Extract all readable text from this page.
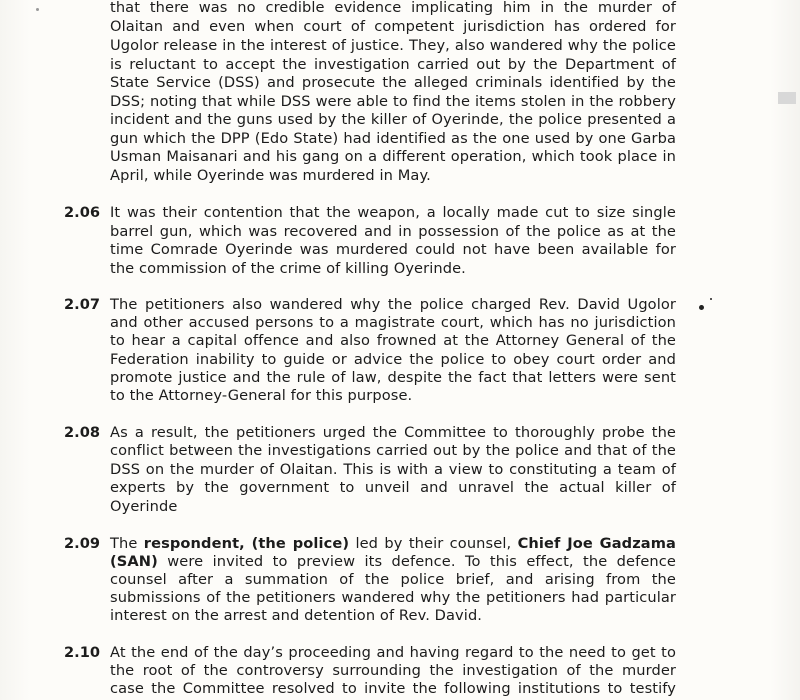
that there was no credible evidence implicating him in the murder of
Olaitan and even when court of competent jurisdiction has ordered for
Ugolor release in the interest of justice. They, also wandered why the police
is reluctant to accept the investigation carried out by the Department of
State Service (DSS) and prosecute the alleged criminals identified by the
DSS; noting that while DSS were able to find the items stolen in the robbery
incident and the guns used by the killer of Oyerinde, the police presented a
gun which the DPP (Edo State) had identified as the one used by one Garba
Usman Maisanari and his gang on a different operation, which took place in
April, while Oyerinde was murdered in May.
2.06 It was their contention that the weapon, a locally made cut to size single
barrel gun, which was recovered and in possession of the police as at the
time Comrade Oyerinde was murdered could not have been available for
the commission of the crime of killing Oyerinde.
2.07 The petitioners also wandered why the police charged Rev. David Ugolor
and other accused persons to a magistrate court, which has no jurisdiction
to hear a capital offence and also frowned at the Attorney General of the
Federation inability to guide or advice the police to obey court order and
promote justice and the rule of law, despite the fact that letters were sent
to the Attorney-General for this purpose.
2.08 As a result, the petitioners urged the Committee to thoroughly probe the
conflict between the investigations carried out by the police and that of the
DSS on the murder of Olaitan. This is with a view to constituting a team of
experts by the government to unveil and unravel the actual killer of
Oyerinde
2.09 The respondent, (the police) led by their counsel, Chief Joe Gadzama
(SAN) were invited to preview its defence. To this effect, the defence
counsel after a summation of the police brief, and arising from the
submissions of the petitioners wandered why the petitioners had particular
interest on the arrest and detention of Rev. David.
2.10 At the end of the day’s proceeding and having regard to the need to get to
the root of the controversy surrounding the investigation of the murder
case the Committee resolved to invite the following institutions to testify
